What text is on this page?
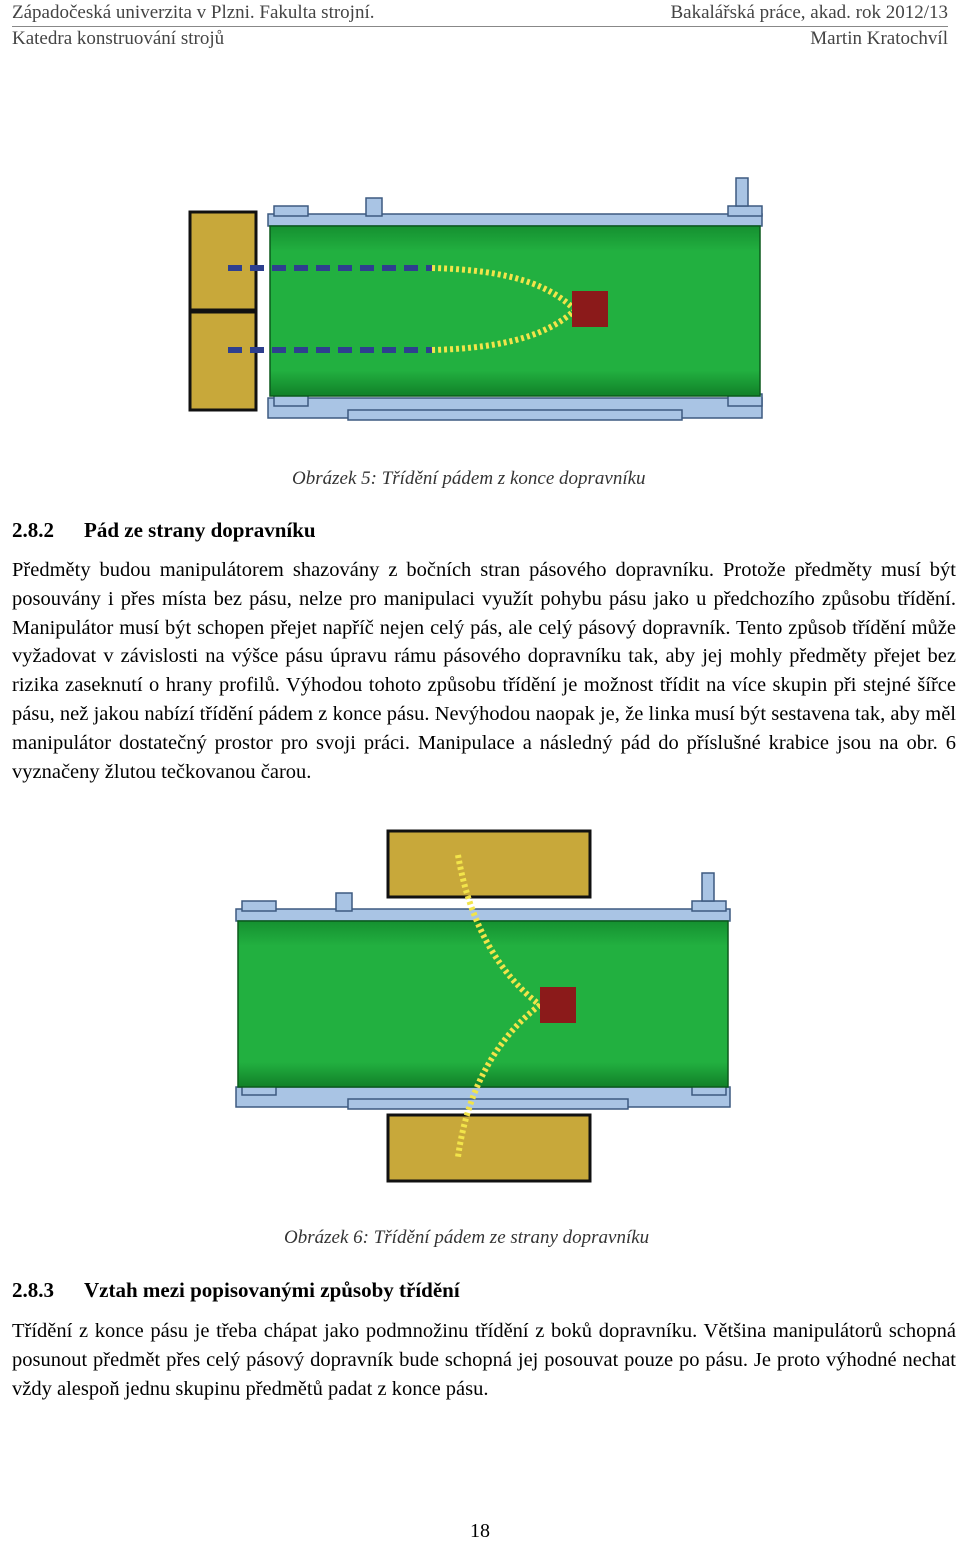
Západočeská univerzita v Plzni. Fakulta strojní.	Bakalářská práce, akad. rok 2012/13
Katedra konstruování strojů	Martin Kratochvíl
Obrázek 5: Třídění pádem z konce dopravníku
2.8.2 Pád ze strany dopravníku
Předměty budou manipulátorem shazovány z bočních stran pásového dopravníku. Protože předměty musí být posouvány i přes místa bez pásu, nelze pro manipulaci využít pohybu pásu jako u předchozího způsobu třídění. Manipulátor musí být schopen přejet napříč nejen celý pás, ale celý pásový dopravník. Tento způsob třídění může vyžadovat v závislosti na výšce pásu úpravu rámu pásového dopravníku tak, aby jej mohly předměty přejet bez rizika zaseknutí o hrany profilů. Výhodou tohoto způsobu třídění je možnost třídit na více skupin při stejné šířce pásu, než jakou nabízí třídění pádem z konce pásu. Nevýhodou naopak je, že linka musí být sestavena tak, aby měl manipulátor dostatečný prostor pro svoji práci. Manipulace a následný pád do příslušné krabice jsou na obr. 6 vyznačeny žlutou tečkovanou čarou.
Obrázek 6: Třídění pádem ze strany dopravníku
2.8.3 Vztah mezi popisovanými způsoby třídění
Třídění z konce pásu je třeba chápat jako podmnožinu třídění z boků dopravníku. Většina manipulátorů schopná posunout předmět přes celý pásový dopravník bude schopná jej posouvat pouze po pásu. Je proto výhodné nechat vždy alespoň jednu skupinu předmětů padat z konce pásu.
18
